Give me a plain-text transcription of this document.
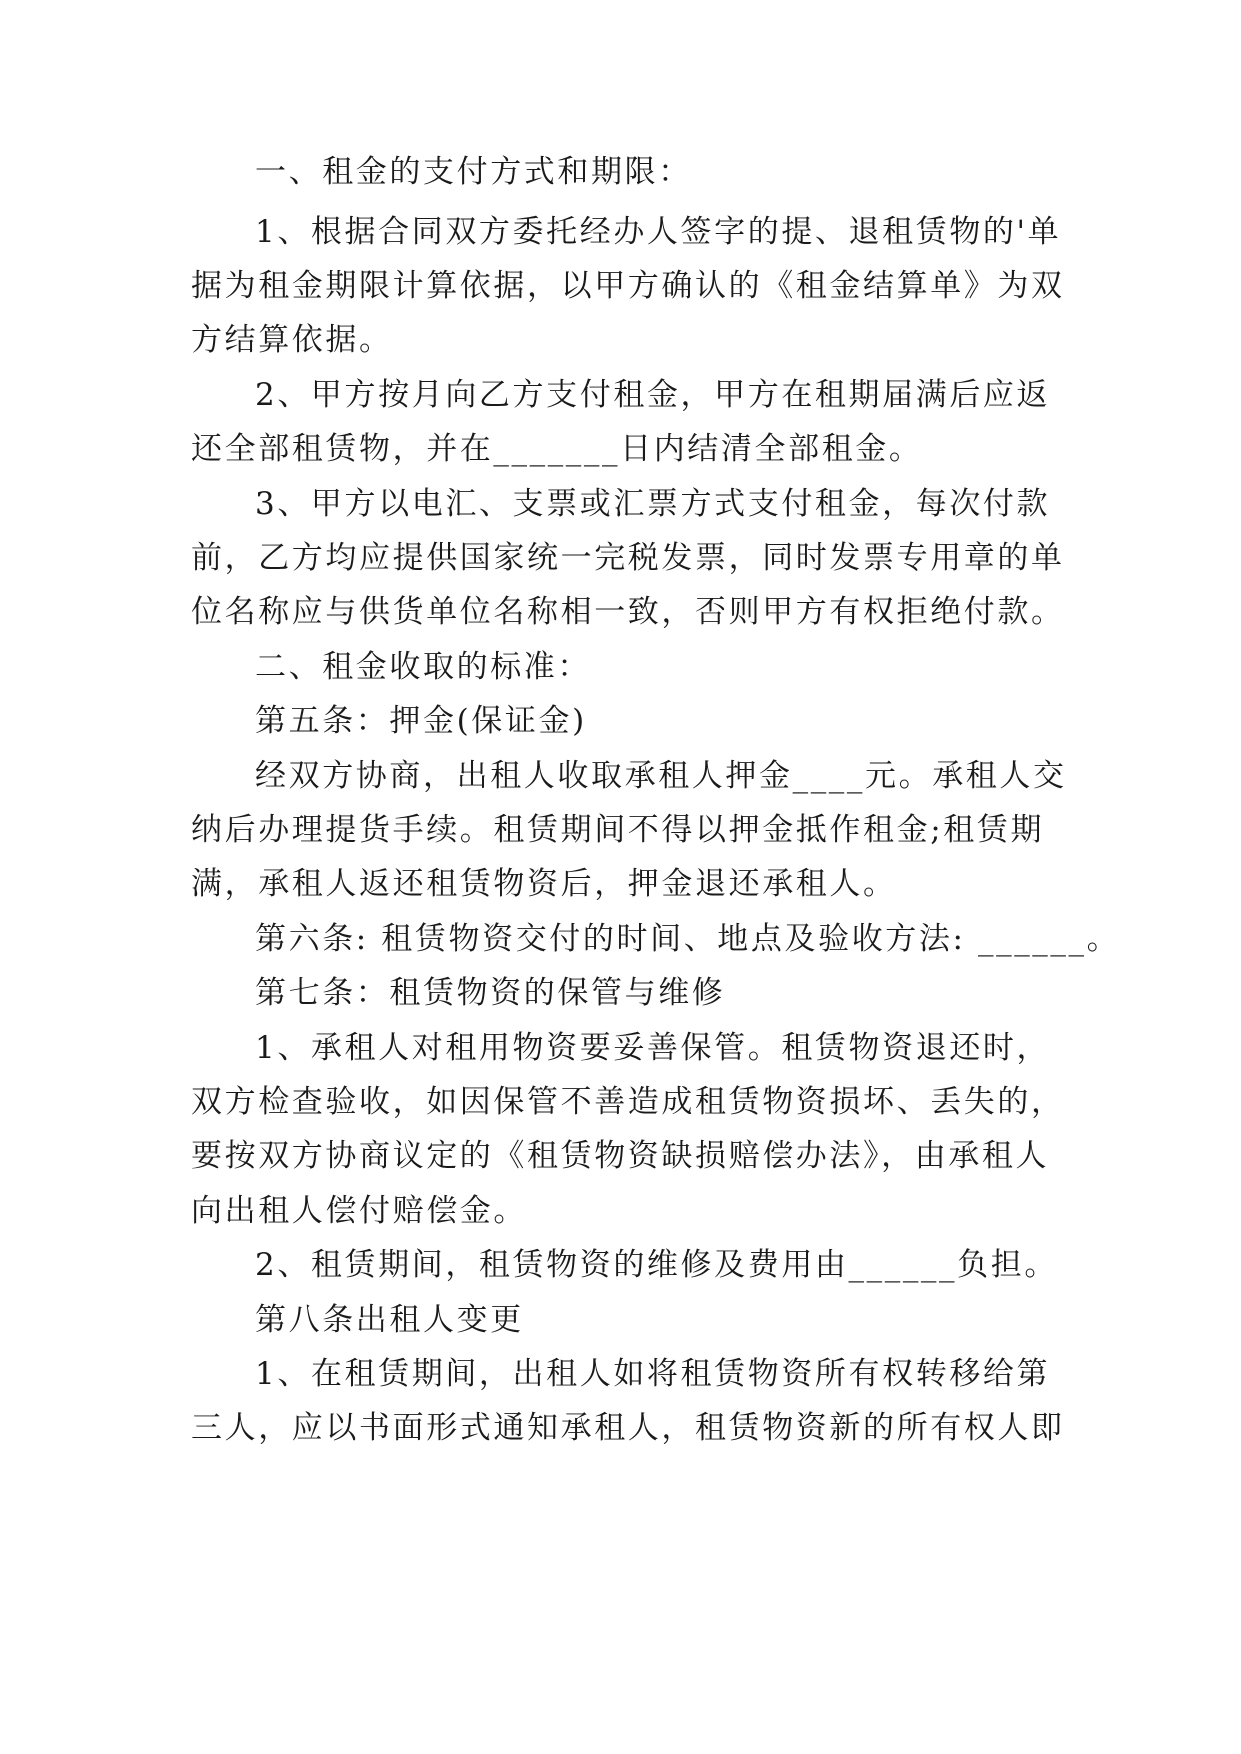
一、租金的支付方式和期限：
1、根据合同双方委托经办人签字的提、退租赁物的'单
据为租金期限计算依据，以甲方确认的《租金结算单》为双
方结算依据。
2、甲方按月向乙方支付租金，甲方在租期届满后应返
还全部租赁物，并在_______日内结清全部租金。
3、甲方以电汇、支票或汇票方式支付租金，每次付款
前，乙方均应提供国家统一完税发票，同时发票专用章的单
位名称应与供货单位名称相一致，否则甲方有权拒绝付款。
二、租金收取的标准：
第五条：押金(保证金)
经双方协商，出租人收取承租人押金____元。承租人交
纳后办理提货手续。租赁期间不得以押金抵作租金;租赁期
满，承租人返还租赁物资后，押金退还承租人。
第六条: 租赁物资交付的时间、地点及验收方法: ______。
第七条：租赁物资的保管与维修
1、承租人对租用物资要妥善保管。租赁物资退还时，
双方检查验收，如因保管不善造成租赁物资损坏、丢失的，
要按双方协商议定的《租赁物资缺损赔偿办法》，由承租人
向出租人偿付赔偿金。
2、租赁期间，租赁物资的维修及费用由______负担。
第八条出租人变更
1、在租赁期间，出租人如将租赁物资所有权转移给第
三人，应以书面形式通知承租人，租赁物资新的所有权人即
